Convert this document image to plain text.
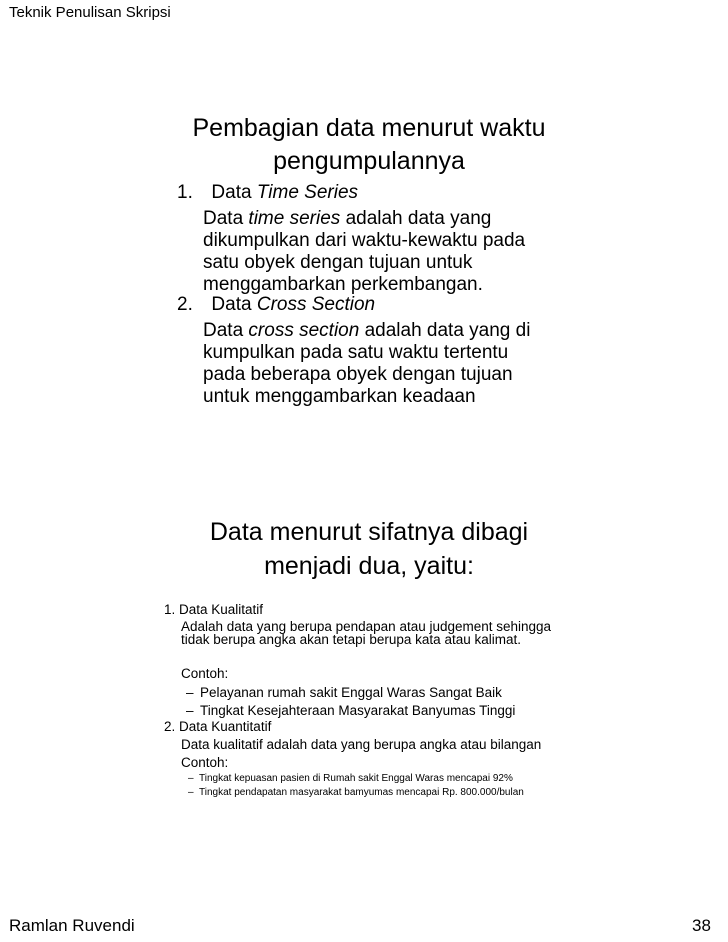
Teknik Penulisan Skripsi
Ramlan Ruvendi	38
Pembagian data menurut waktu pengumpulannya
1. Data Time Series
Data time series adalah data yang
dikumpulkan dari waktu-kewaktu pada satu obyek dengan tujuan untuk menggambarkan perkembangan.
2. Data Cross Section
Data cross section adalah data yang di
kumpulkan pada satu waktu tertentu pada beberapa obyek dengan tujuan untuk menggambarkan keadaan
Data menurut sifatnya dibagi menjadi dua, yaitu:
1. Data Kualitatif
Adalah data yang berupa pendapan atau judgement sehingga tidak berupa angka akan tetapi berupa kata atau kalimat.
Contoh:
– Pelayanan rumah sakit Enggal Waras Sangat Baik
– Tingkat Kesejahteraan Masyarakat Banyumas Tinggi
2. Data Kuantitatif
Data kualitatif adalah data yang berupa angka atau bilangan
Contoh:
– Tingkat kepuasan pasien di Rumah sakit Enggal Waras mencapai 92%
– Tingkat pendapatan masyarakat bamyumas mencapai Rp. 800.000/bulan
